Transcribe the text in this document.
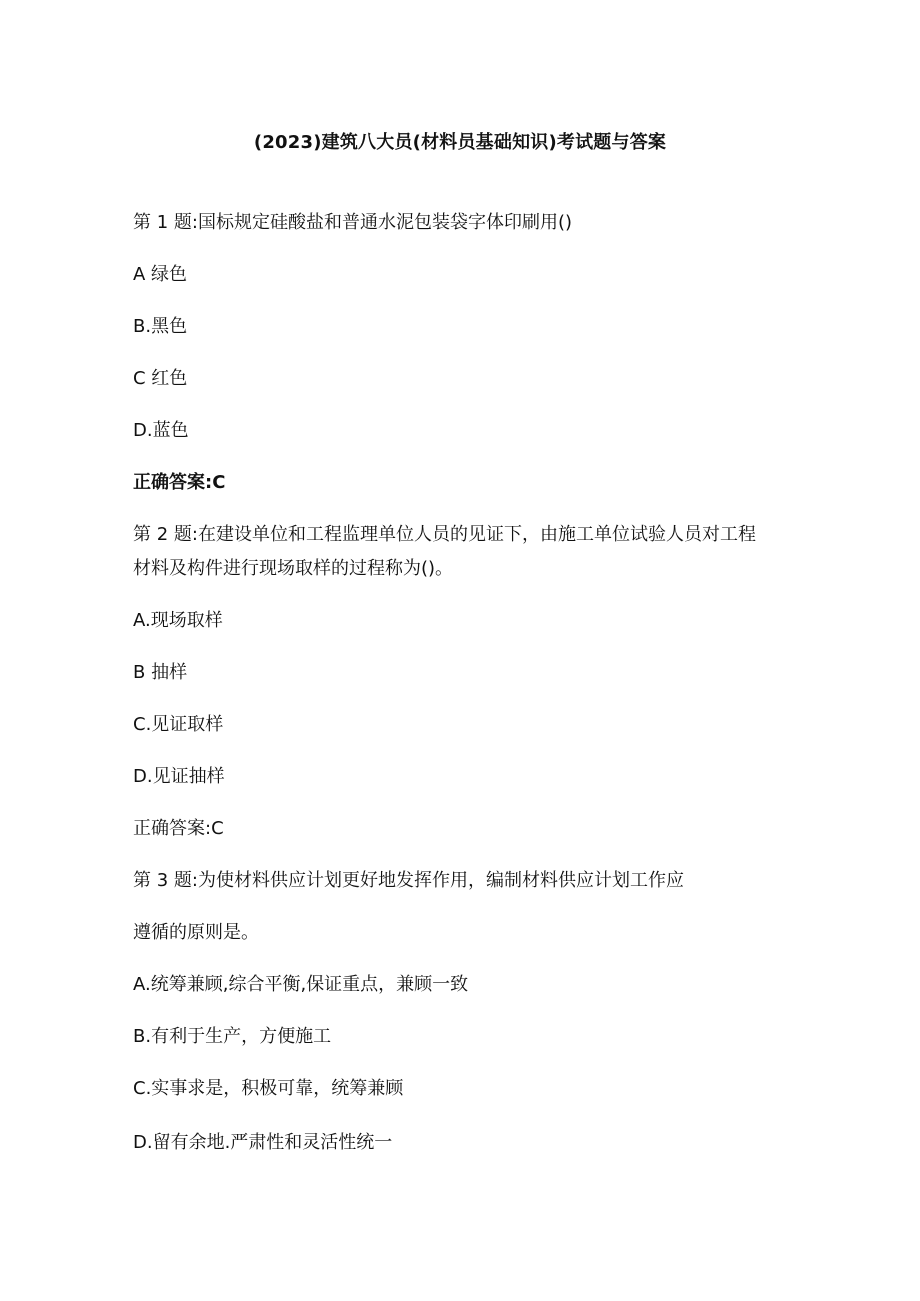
(2023)建筑八大员(材料员基础知识)考试题与答案
第 1 题:国标规定硅酸盐和普通水泥包装袋字体印刷用()
A 绿色
B.黑色
C 红色
D.蓝色
正确答案:C
第 2 题:在建设单位和工程监理单位人员的见证下，由施工单位试验人员对工程
材料及构件进行现场取样的过程称为()。
A.现场取样
B 抽样
C.见证取样
D.见证抽样
正确答案:C
第 3 题:为使材料供应计划更好地发挥作用，编制材料供应计划工作应
遵循的原则是。
A.统筹兼顾,综合平衡,保证重点，兼顾一致
B.有利于生产，方便施工
C.实事求是，积极可靠，统筹兼顾
D.留有余地.严肃性和灵活性统一
